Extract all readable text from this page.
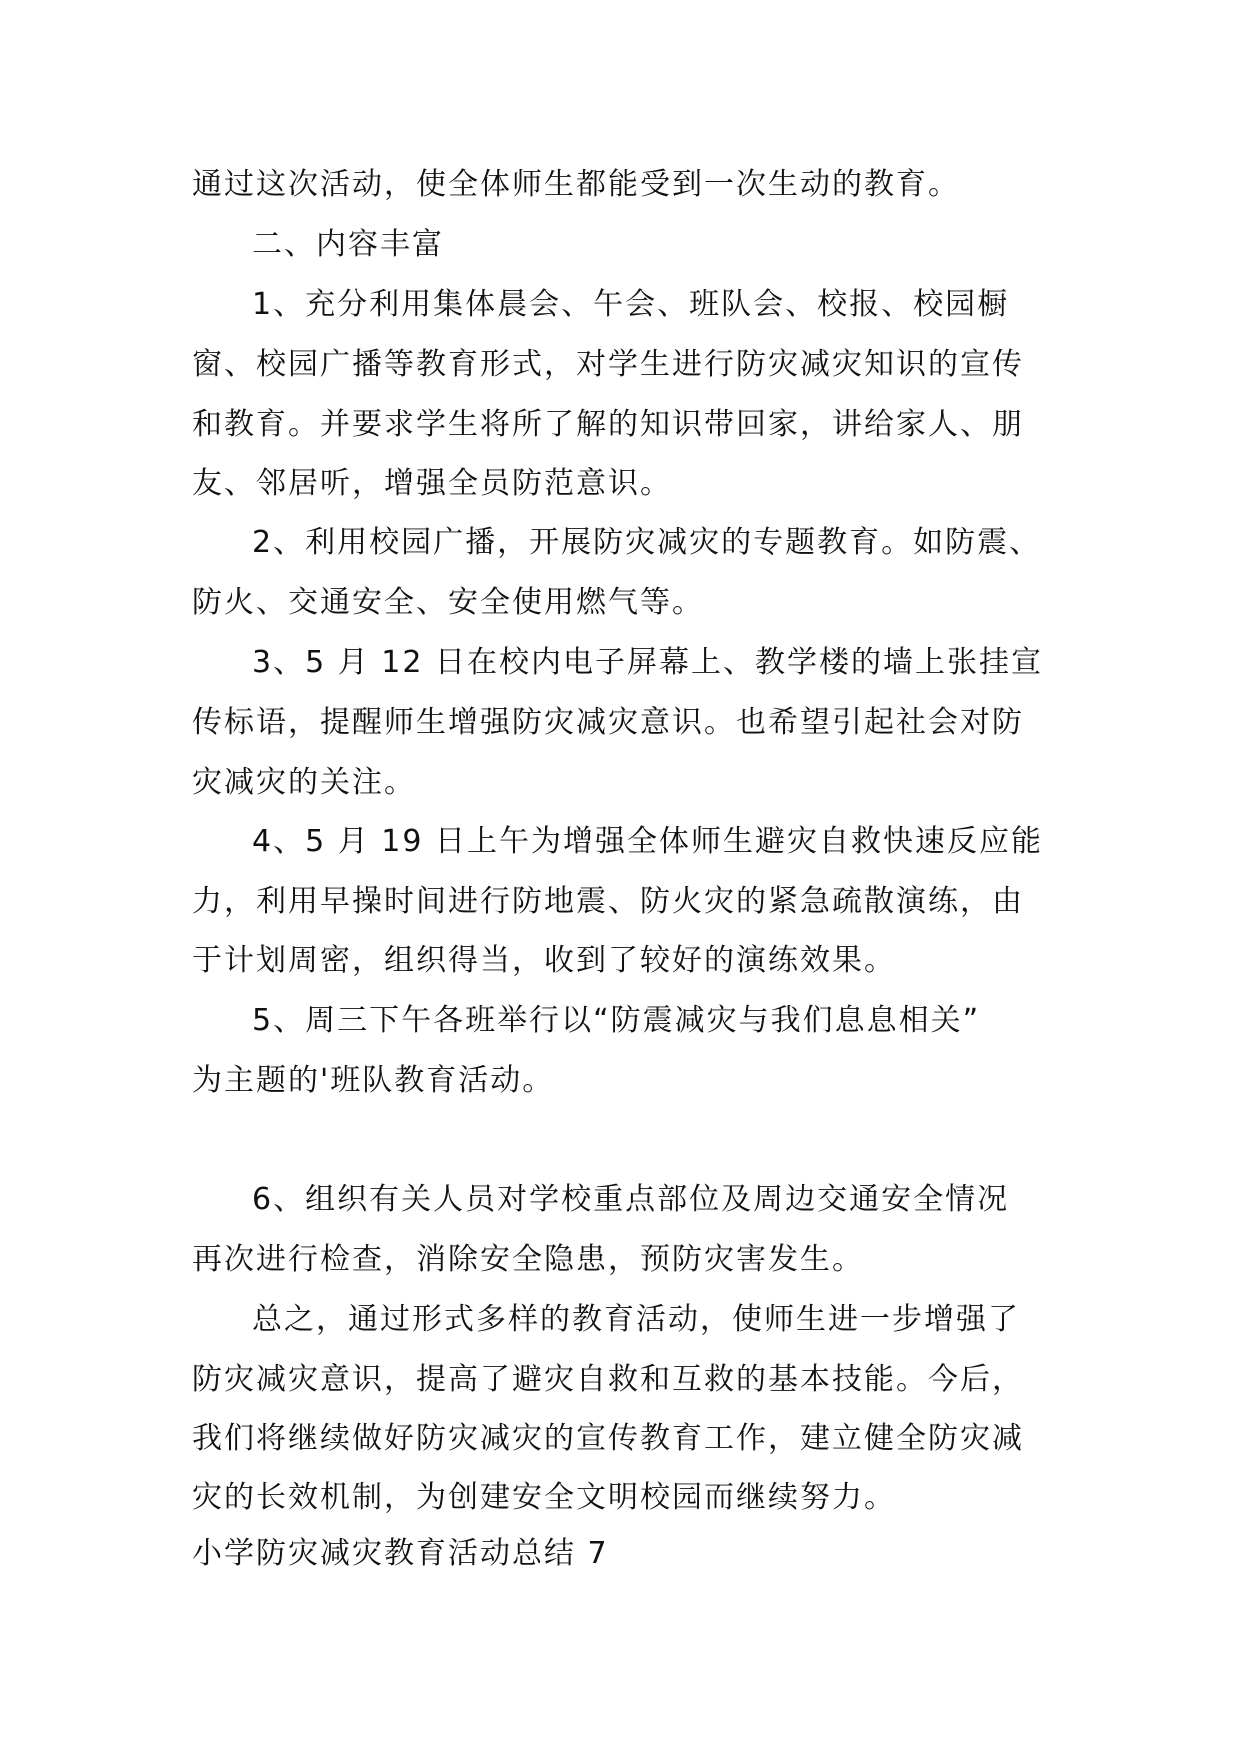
通过这次活动，使全体师生都能受到一次生动的教育。
二、内容丰富
1、充分利用集体晨会、午会、班队会、校报、校园橱
窗、校园广播等教育形式，对学生进行防灾减灾知识的宣传
和教育。并要求学生将所了解的知识带回家，讲给家人、朋
友、邻居听，增强全员防范意识。
2、利用校园广播，开展防灾减灾的专题教育。如防震、
防火、交通安全、安全使用燃气等。
3、5 月 12 日在校内电子屏幕上、教学楼的墙上张挂宣
传标语，提醒师生增强防灾减灾意识。也希望引起社会对防
灾减灾的关注。
4、5 月 19 日上午为增强全体师生避灾自救快速反应能
力，利用早操时间进行防地震、防火灾的紧急疏散演练，由
于计划周密，组织得当，收到了较好的演练效果。
5、周三下午各班举行以“防震减灾与我们息息相关”
为主题的'班队教育活动。
6、组织有关人员对学校重点部位及周边交通安全情况
再次进行检查，消除安全隐患，预防灾害发生。
总之，通过形式多样的教育活动，使师生进一步增强了
防灾减灾意识，提高了避灾自救和互救的基本技能。今后，
我们将继续做好防灾减灾的宣传教育工作，建立健全防灾减
灾的长效机制，为创建安全文明校园而继续努力。
小学防灾减灾教育活动总结 7
